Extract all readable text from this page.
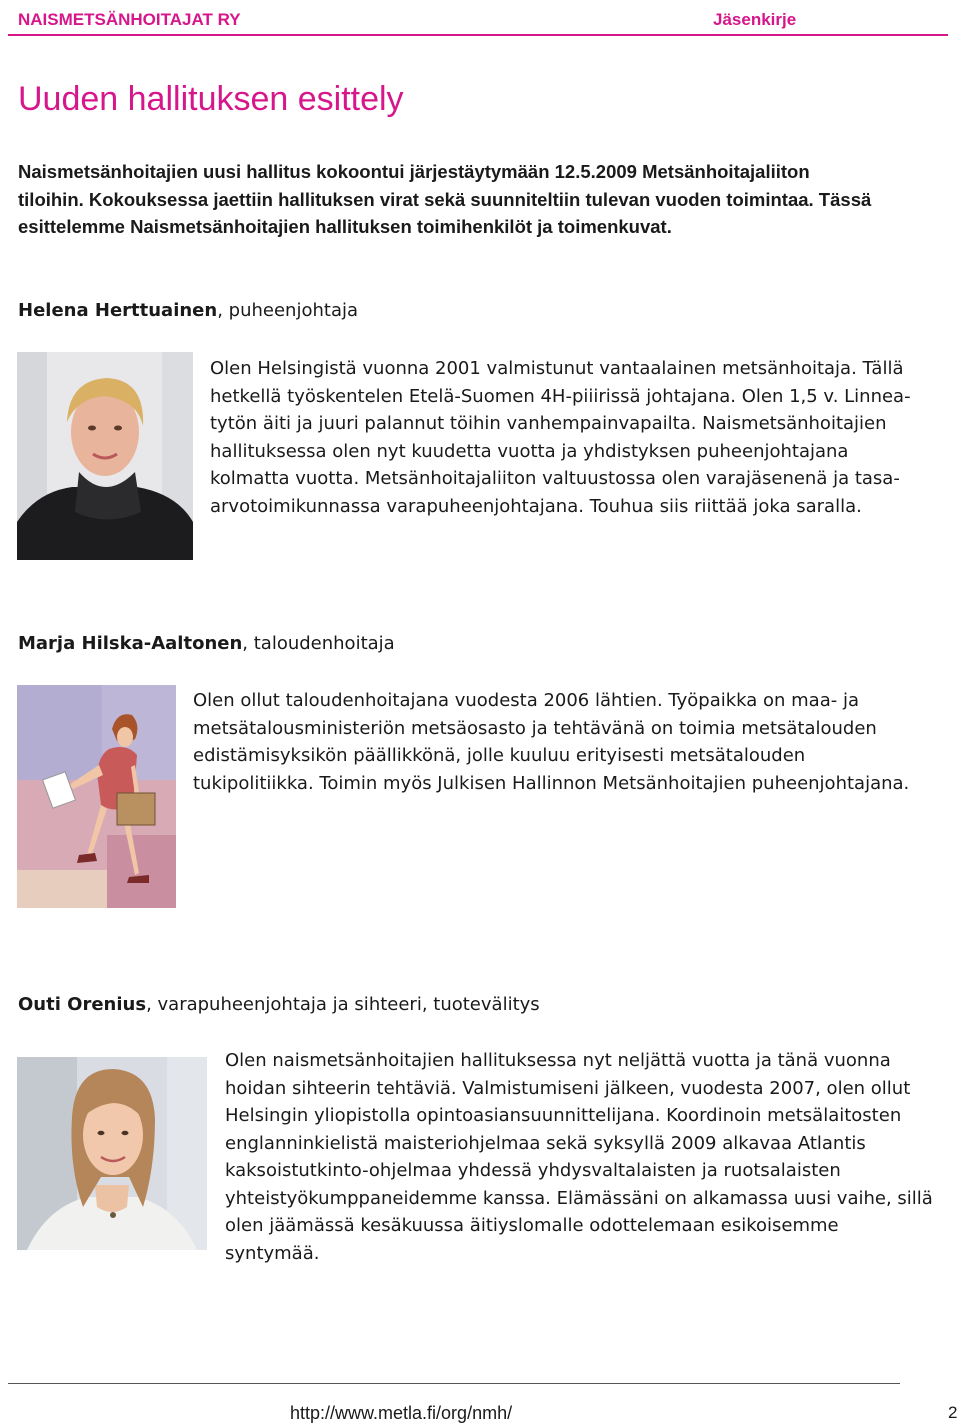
NAISMETSÄNHOITAJAT RY	Jäsenkirje
Uuden hallituksen esittely
Naismetsänhoitajien uusi hallitus kokoontui järjestäytymään 12.5.2009 Metsänhoitajaliiton
tiloihin. Kokouksessa jaettiin hallituksen virat sekä suunniteltiin tulevan vuoden toimintaa. Tässä
esittelemme Naismetsänhoitajien hallituksen toimihenkilöt ja toimenkuvat.
Helena Herttuainen, puheenjohtaja
Olen Helsingistä vuonna 2001 valmistunut vantaalainen metsänhoitaja. Tällä
hetkellä työskentelen Etelä-Suomen 4H-piiirissä johtajana. Olen 1,5 v. Linnea-
tytön äiti ja juuri palannut töihin vanhempainvapailta. Naismetsänhoitajien
hallituksessa olen nyt kuudetta vuotta ja yhdistyksen puheenjohtajana
kolmatta vuotta. Metsänhoitajaliiton valtuustossa olen varajäsenenä ja tasa-
arvotoimikunnassa varapuheenjohtajana. Touhua siis riittää joka saralla.
Marja Hilska-Aaltonen, taloudenhoitaja
Olen ollut taloudenhoitajana vuodesta 2006 lähtien. Työpaikka on maa- ja
metsätalousministeriön metsäosasto ja tehtävänä on toimia metsätalouden
edistämisyksikön päällikkönä, jolle kuuluu erityisesti metsätalouden
tukipolitiikka. Toimin myös Julkisen Hallinnon Metsänhoitajien puheenjohtajana.
Outi Orenius, varapuheenjohtaja ja sihteeri, tuotevälitys
Olen naismetsänhoitajien hallituksessa nyt neljättä vuotta ja tänä vuonna
hoidan sihteerin tehtäviä. Valmistumiseni jälkeen, vuodesta 2007, olen ollut
Helsingin yliopistolla opintoasiansuunnittelijana. Koordinoin metsälaitosten
englanninkielistä maisteriohjelmaa sekä syksyllä 2009 alkavaa Atlantis
kaksoistutkinto-ohjelmaa yhdessä yhdysvaltalaisten ja ruotsalaisten
yhteistyökumppaneidemme kanssa. Elämässäni on alkamassa uusi vaihe, sillä
olen jäämässä kesäkuussa äitiyslomalle odottelemaan esikoisemme
syntymää.
http://www.metla.fi/org/nmh/	2
